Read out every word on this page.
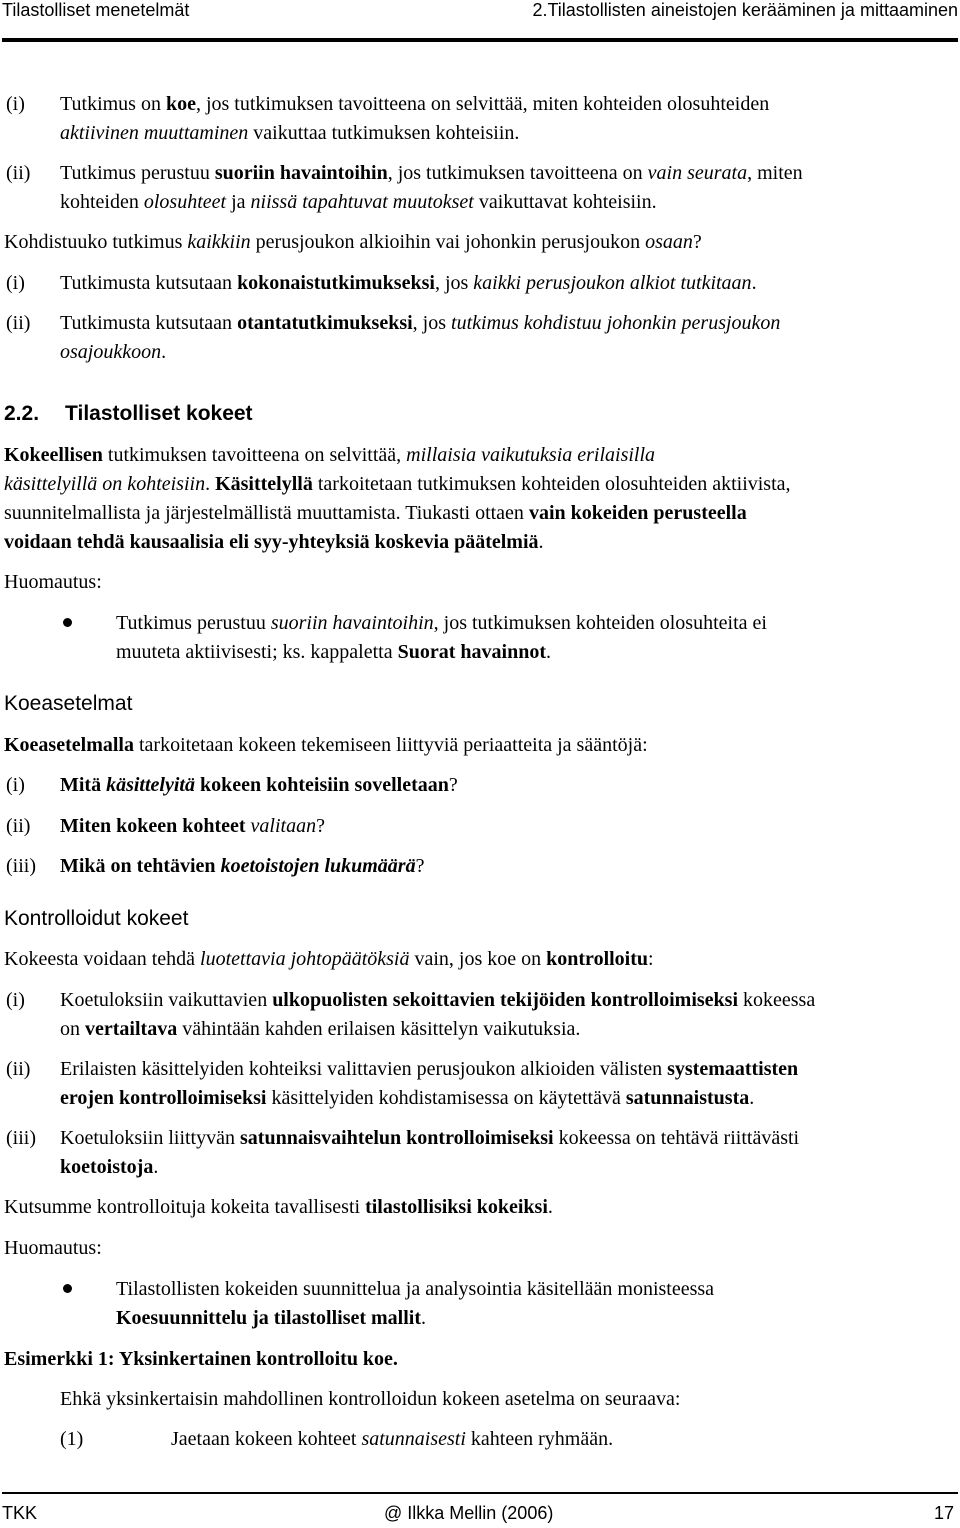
Tilastolliset menetelmät	2.Tilastollisten aineistojen kerääminen ja mittaaminen
(i) Tutkimus on koe, jos tutkimuksen tavoitteena on selvittää, miten kohteiden olosuhteiden
aktiivinen muuttaminen vaikuttaa tutkimuksen kohteisiin.
(ii) Tutkimus perustuu suoriin havaintoihin, jos tutkimuksen tavoitteena on vain seurata, miten
kohteiden olosuhteet ja niissä tapahtuvat muutokset vaikuttavat kohteisiin.
Kohdistuuko tutkimus kaikkiin perusjoukon alkioihin vai johonkin perusjoukon osaan?
(i) Tutkimusta kutsutaan kokonaistutkimukseksi, jos kaikki perusjoukon alkiot tutkitaan.
(ii) Tutkimusta kutsutaan otantatutkimukseksi, jos tutkimus kohdistuu johonkin perusjoukon
osajoukkoon.
2.2. Tilastolliset kokeet
Kokeellisen tutkimuksen tavoitteena on selvittää, millaisia vaikutuksia erilaisilla
käsittelyillä on kohteisiin. Käsittelyllä tarkoitetaan tutkimuksen kohteiden olosuhteiden aktiivista,
suunnitelmallista ja järjestelmällistä muuttamista. Tiukasti ottaen vain kokeiden perusteella
voidaan tehdä kausaalisia eli syy-yhteyksiä koskevia päätelmiä.
Huomautus:
Tutkimus perustuu suoriin havaintoihin, jos tutkimuksen kohteiden olosuhteita ei
muuteta aktiivisesti; ks. kappaletta Suorat havainnot.
Koeasetelmat
Koeasetelmalla tarkoitetaan kokeen tekemiseen liittyviä periaatteita ja sääntöjä:
(i) Mitä käsittelyitä kokeen kohteisiin sovelletaan?
(ii) Miten kokeen kohteet valitaan?
(iii) Mikä on tehtävien koetoistojen lukumäärä?
Kontrolloidut kokeet
Kokeesta voidaan tehdä luotettavia johtopäätöksiä vain, jos koe on kontrolloitu:
(i) Koetuloksiin vaikuttavien ulkopuolisten sekoittavien tekijöiden kontrolloimiseksi kokeessa
on vertailtava vähintään kahden erilaisen käsittelyn vaikutuksia.
(ii) Erilaisten käsittelyiden kohteiksi valittavien perusjoukon alkioiden välisten systemaattisten
erojen kontrolloimiseksi käsittelyiden kohdistamisessa on käytettävä satunnaistusta.
(iii) Koetuloksiin liittyvän satunnaisvaihtelun kontrolloimiseksi kokeessa on tehtävä riittävästi
koetoistoja.
Kutsumme kontrolloituja kokeita tavallisesti tilastollisiksi kokeiksi.
Huomautus:
Tilastollisten kokeiden suunnittelua ja analysointia käsitellään monisteessa
Koesuunnittelu ja tilastolliset mallit.
Esimerkki 1: Yksinkertainen kontrolloitu koe.
Ehkä yksinkertaisin mahdollinen kontrolloidun kokeen asetelma on seuraava:
(1)	Jaetaan kokeen kohteet satunnaisesti kahteen ryhmään.
TKK	@ Ilkka Mellin (2006)	17
